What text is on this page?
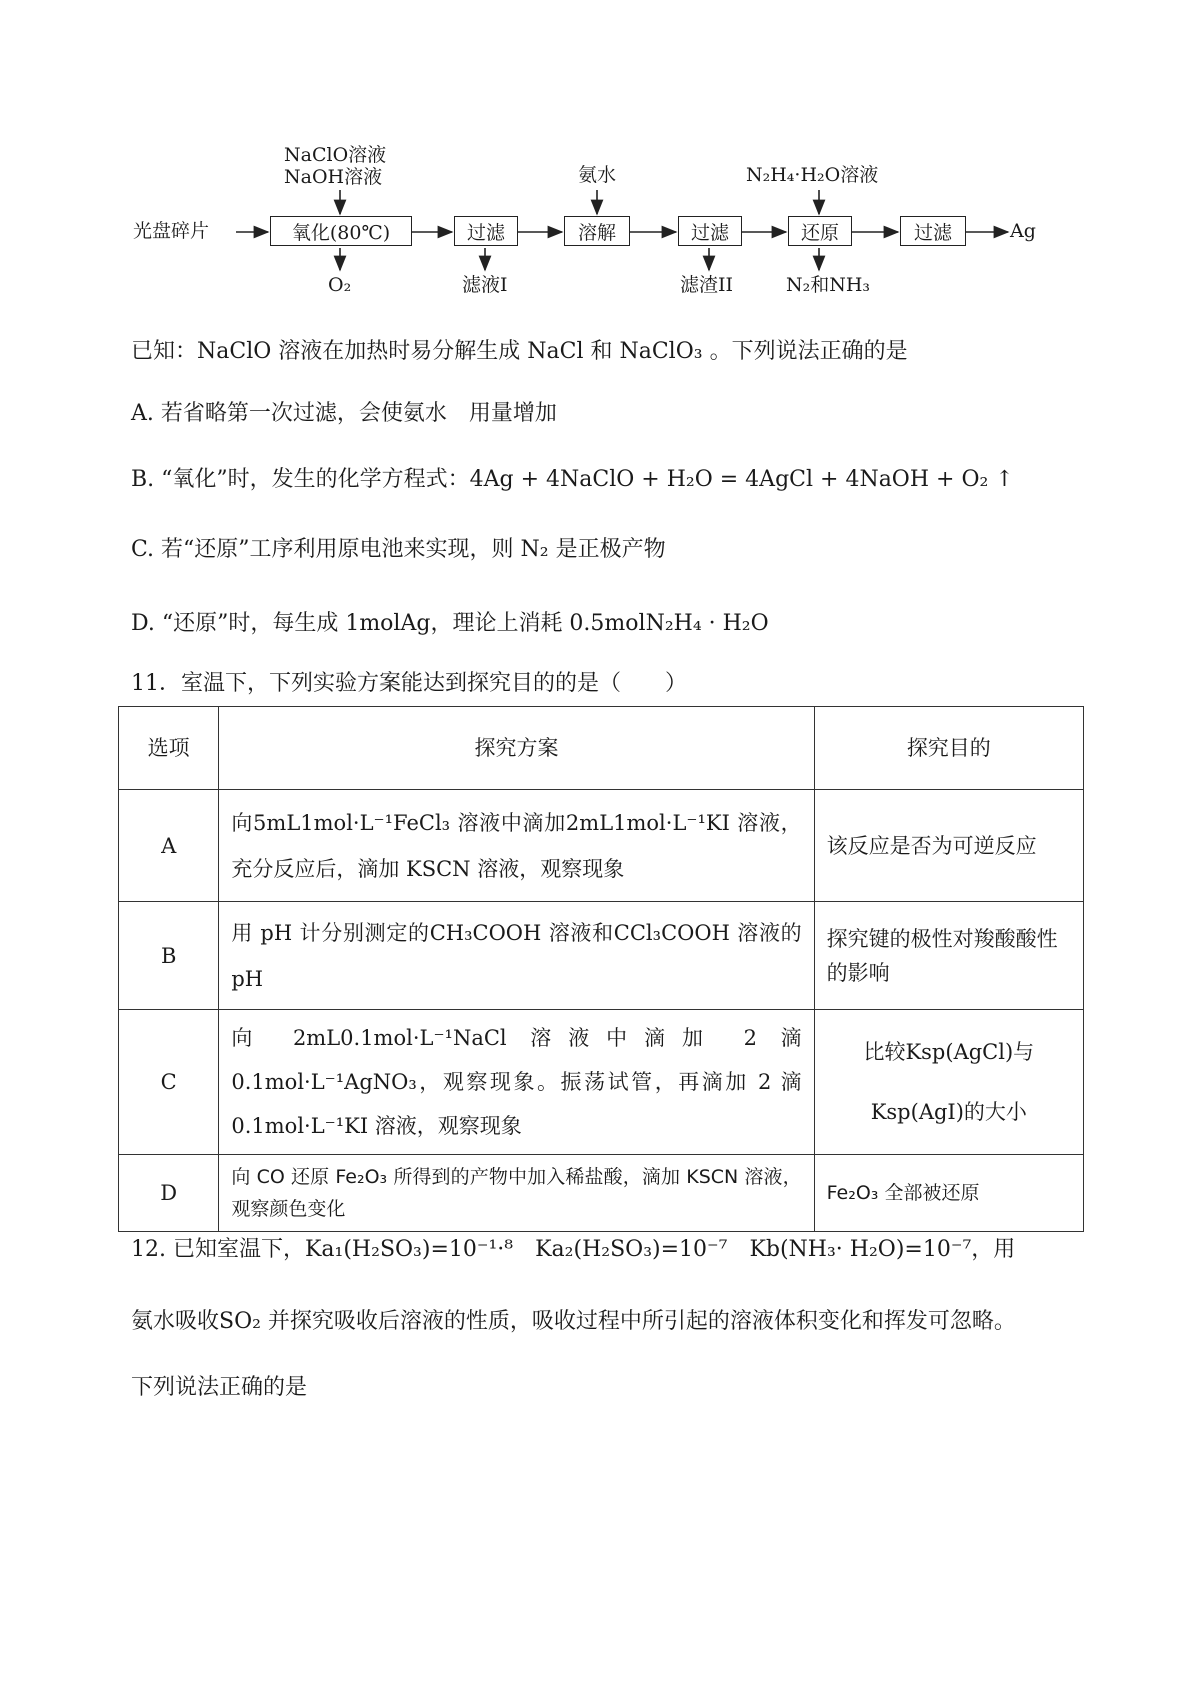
光盘碎片
NaClO溶液
NaOH溶液
氧化(80℃)
O₂
过滤
滤液I
氨水
溶解	过滤
滤渣II
N₂H₄·H₂O溶液
还原
N₂和NH₃
过滤	Ag
已知：NaClO 溶液在加热时易分解生成 NaCl 和 NaClO₃ 。下列说法正确的是
A. 若省略第一次过滤，会使氨水　用量增加
B. “氧化”时，发生的化学方程式：4Ag + 4NaClO + H₂O = 4AgCl + 4NaOH + O₂ ↑
C. 若“还原”工序利用原电池来实现，则 N₂ 是正极产物
D. “还原”时，每生成 1molAg，理论上消耗 0.5molN₂H₄ · H₂O
11．室温下，下列实验方案能达到探究目的的是（　　）
选项	探究方案	探究目的
A	向5mL1mol·L⁻¹FeCl₃ 溶液中滴加2mL1mol·L⁻¹KI 溶液，充分反应后，滴加 KSCN 溶液，观察现象	该反应是否为可逆反应
B	用 pH 计分别测定的CH₃COOH 溶液和CCl₃COOH 溶液的pH	探究键的极性对羧酸酸性的影响
C	向 2mL0.1mol·L⁻¹NaCl 溶液中滴加 2 滴 0.1mol·L⁻¹AgNO₃，观察现象。振荡试管，再滴加 2 滴 0.1mol·L⁻¹KI 溶液，观察现象	比较Ksp(AgCl)与 Ksp(AgI)的大小
D	向 CO 还原 Fe₂O₃ 所得到的产物中加入稀盐酸，滴加 KSCN 溶液，观察颜色变化	Fe₂O₃ 全部被还原
12. 已知室温下，Ka₁(H₂SO₃)=10⁻¹·⁸　Ka₂(H₂SO₃)=10⁻⁷　Kb(NH₃· H₂O)=10⁻⁷，用
氨水吸收SO₂ 并探究吸收后溶液的性质，吸收过程中所引起的溶液体积变化和挥发可忽略。
下列说法正确的是
